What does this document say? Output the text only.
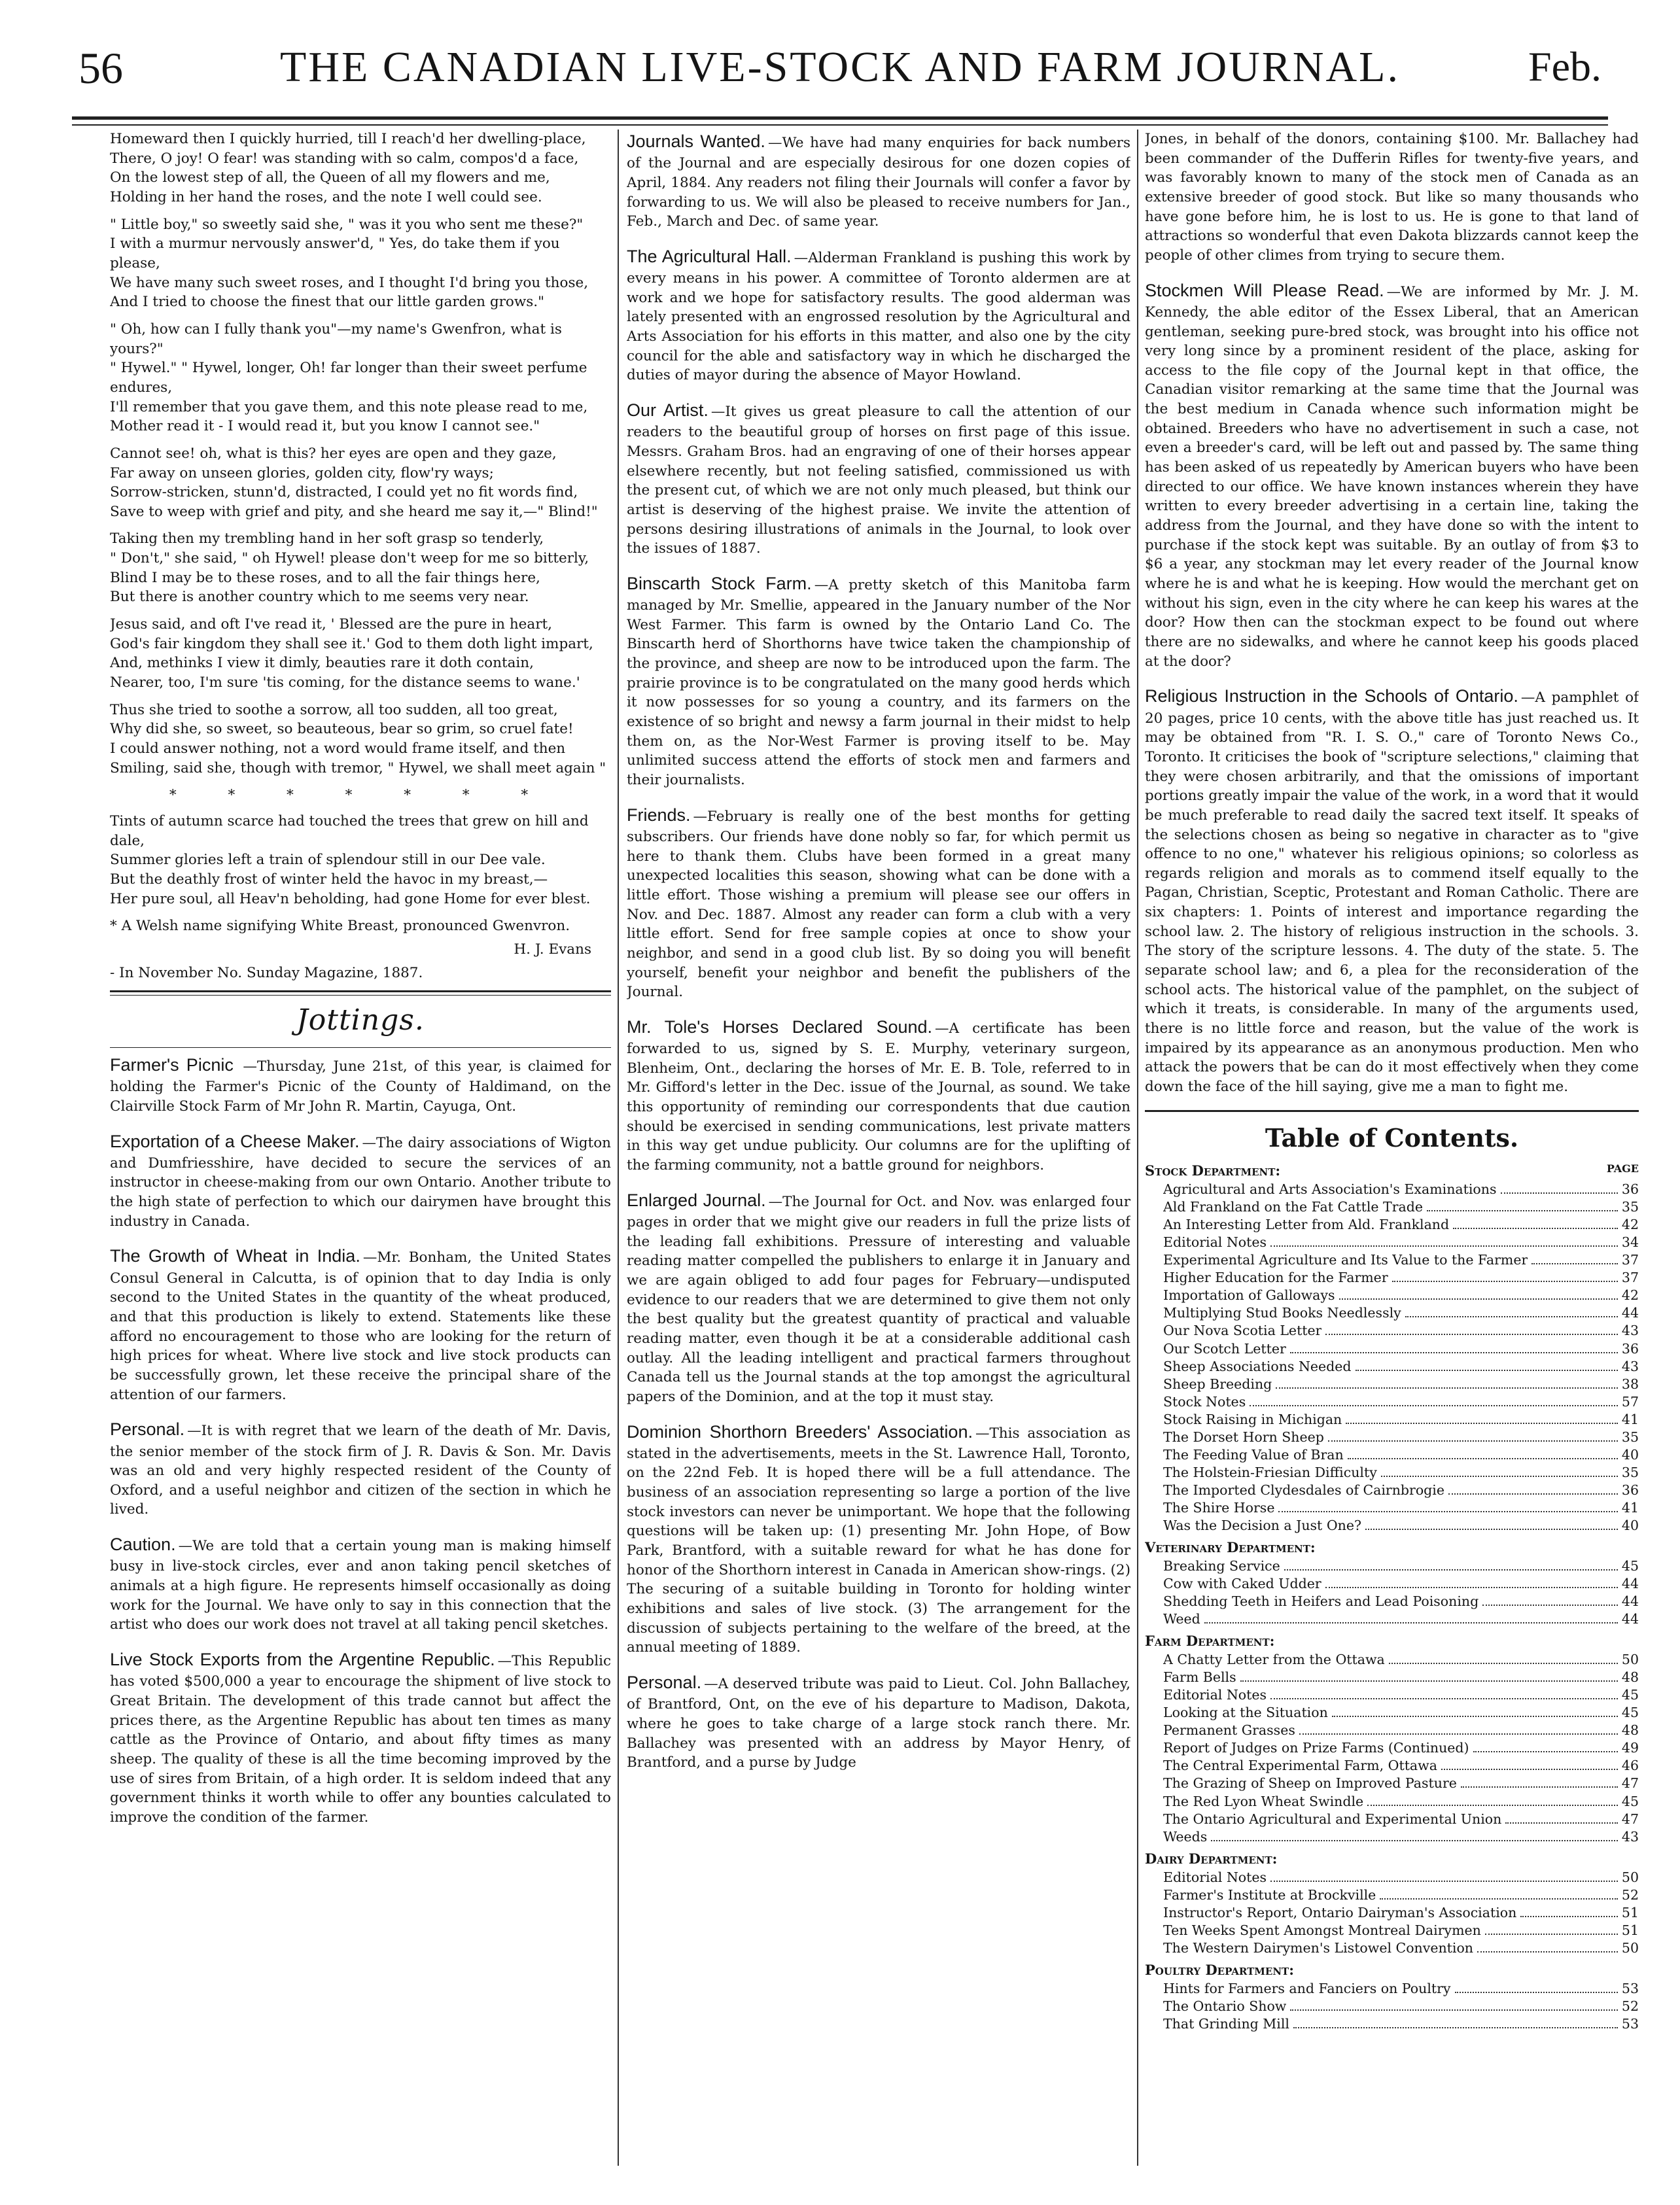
56	THE CANADIAN LIVE-STOCK AND FARM JOURNAL.	Feb.

Homeward then I quickly hurried, till I reach'd her dwelling-place,
There, O joy! O fear! was standing with so calm, compos'd a face,
On the lowest step of all, the Queen of all my flowers and me,
Holding in her hand the roses, and the note I well could see.

" Little boy," so sweetly said she, " was it you who sent me these?"
I with a murmur nervously answer'd, " Yes, do take them if you please,
We have many such sweet roses, and I thought I'd bring you those,
And I tried to choose the finest that our little garden grows."

" Oh, how can I fully thank you"—my name's Gwenfron, what is yours?"
" Hywel." " Hywel, longer, Oh! far longer than their sweet perfume endures,
I'll remember that you gave them, and this note please read to me,
Mother read it - I would read it, but you know I cannot see."

Cannot see! oh, what is this? her eyes are open and they gaze,
Far away on unseen glories, golden city, flow'ry ways;
Sorrow-stricken, stunn'd, distracted, I could yet no fit words find,
Save to weep with grief and pity, and she heard me say it,—" Blind!"

Taking then my trembling hand in her soft grasp so tenderly,
" Don't," she said, " oh Hywel! please don't weep for me so bitterly,
Blind I may be to these roses, and to all the fair things here,
But there is another country which to me seems very near.

Jesus said, and oft I've read it, ' Blessed are the pure in heart,
God's fair kingdom they shall see it.' God to them doth light impart,
And, methinks I view it dimly, beauties rare it doth contain,
Nearer, too, I'm sure 'tis coming, for the distance seems to wane.'

Thus she tried to soothe a sorrow, all too sudden, all too great,
Why did she, so sweet, so beauteous, bear so grim, so cruel fate!
I could answer nothing, not a word would frame itself, and then
Smiling, said she, though with tremor, " Hywel, we shall meet again "

* * * * * * *

Tints of autumn scarce had touched the trees that grew on hill and dale,
Summer glories left a train of splendour still in our Dee vale.
But the deathly frost of winter held the havoc in my breast,—
Her pure soul, all Heav'n beholding, had gone Home for ever blest.

* A Welsh name signifying White Breast, pronounced Gwenvron.
H. J. Evans
- In November No. Sunday Magazine, 1887.
Jottings.
Farmer's Picnic —Thursday, June 21st, of this year, is claimed for holding the Farmer's Picnic of the County of Haldimand, on the Clairville Stock Farm of Mr John R. Martin, Cayuga, Ont.
Exportation of a Cheese Maker. —The dairy associations of Wigton and Dumfriesshire, have decided to secure the services of an instructor in cheese-making from our own Ontario. Another tribute to the high state of perfection to which our dairymen have brought this industry in Canada.
The Growth of Wheat in India. —Mr. Bonham, the United States Consul General in Calcutta, is of opinion that to day India is only second to the United States in the quantity of the wheat produced, and that this production is likely to extend. Statements like these afford no encouragement to those who are looking for the return of high prices for wheat. Where live stock and live stock products can be successfully grown, let these receive the principal share of the attention of our farmers.
Personal. —It is with regret that we learn of the death of Mr. Davis, the senior member of the stock firm of J. R. Davis & Son. Mr. Davis was an old and very highly respected resident of the County of Oxford, and a useful neighbor and citizen of the section in which he lived.
Caution. —We are told that a certain young man is making himself busy in live-stock circles, ever and anon taking pencil sketches of animals at a high figure. He represents himself occasionally as doing work for the Journal. We have only to say in this connection that the artist who does our work does not travel at all taking pencil sketches.
Live Stock Exports from the Argentine Republic. —This Republic has voted $500,000 a year to encourage the shipment of live stock to Great Britain. The development of this trade cannot but affect the prices there, as the Argentine Republic has about ten times as many cattle as the Province of Ontario, and about fifty times as many sheep. The quality of these is all the time becoming improved by the use of sires from Britain, of a high order. It is seldom indeed that any government thinks it worth while to offer any bounties calculated to improve the condition of the farmer.
Journals Wanted. —We have had many enquiries for back numbers of the Journal and are especially desirous for one dozen copies of April, 1884. Any readers not filing their Journals will confer a favor by forwarding to us. We will also be pleased to receive numbers for Jan., Feb., March and Dec. of same year.
The Agricultural Hall. —Alderman Frankland is pushing this work by every means in his power. A committee of Toronto aldermen are at work and we hope for satisfactory results. The good alderman was lately presented with an engrossed resolution by the Agricultural and Arts Association for his efforts in this matter, and also one by the city council for the able and satisfactory way in which he discharged the duties of mayor during the absence of Mayor Howland.
Our Artist. —It gives us great pleasure to call the attention of our readers to the beautiful group of horses on first page of this issue. Messrs. Graham Bros. had an engraving of one of their horses appear elsewhere recently, but not feeling satisfied, commissioned us with the present cut, of which we are not only much pleased, but think our artist is deserving of the highest praise. We invite the attention of persons desiring illustrations of animals in the Journal, to look over the issues of 1887.
Binscarth Stock Farm. —A pretty sketch of this Manitoba farm managed by Mr. Smellie, appeared in the January number of the Nor West Farmer. This farm is owned by the Ontario Land Co. The Binscarth herd of Shorthorns have twice taken the championship of the province, and sheep are now to be introduced upon the farm. The prairie province is to be congratulated on the many good herds which it now possesses for so young a country, and its farmers on the existence of so bright and newsy a farm journal in their midst to help them on, as the Nor-West Farmer is proving itself to be. May unlimited success attend the efforts of stock men and farmers and their journalists.
Friends. —February is really one of the best months for getting subscribers. Our friends have done nobly so far, for which permit us here to thank them. Clubs have been formed in a great many unexpected localities this season, showing what can be done with a little effort. Those wishing a premium will please see our offers in Nov. and Dec. 1887. Almost any reader can form a club with a very little effort. Send for free sample copies at once to show your neighbor, and send in a good club list. By so doing you will benefit yourself, benefit your neighbor and benefit the publishers of the Journal.
Mr. Tole's Horses Declared Sound. —A certificate has been forwarded to us, signed by S. E. Murphy, veterinary surgeon, Blenheim, Ont., declaring the horses of Mr. E. B. Tole, referred to in Mr. Gifford's letter in the Dec. issue of the Journal, as sound. We take this opportunity of reminding our correspondents that due caution should be exercised in sending communications, lest private matters in this way get undue publicity. Our columns are for the uplifting of the farming community, not a battle ground for neighbors.
Enlarged Journal. —The Journal for Oct. and Nov. was enlarged four pages in order that we might give our readers in full the prize lists of the leading fall exhibitions. Pressure of interesting and valuable reading matter compelled the publishers to enlarge it in January and we are again obliged to add four pages for February—undisputed evidence to our readers that we are determined to give them not only the best quality but the greatest quantity of practical and valuable reading matter, even though it be at a considerable additional cash outlay. All the leading intelligent and practical farmers throughout Canada tell us the Journal stands at the top amongst the agricultural papers of the Dominion, and at the top it must stay.
Dominion Shorthorn Breeders' Association. —This association as stated in the advertisements, meets in the St. Lawrence Hall, Toronto, on the 22nd Feb. It is hoped there will be a full attendance. The business of an association representing so large a portion of the live stock investors can never be unimportant. We hope that the following questions will be taken up: (1) presenting Mr. John Hope, of Bow Park, Brantford, with a suitable reward for what he has done for honor of the Shorthorn interest in Canada in American show-rings. (2) The securing of a suitable building in Toronto for holding winter exhibitions and sales of live stock. (3) The arrangement for the discussion of subjects pertaining to the welfare of the breed, at the annual meeting of 1889.
Personal. —A deserved tribute was paid to Lieut. Col. John Ballachey, of Brantford, Ont, on the eve of his departure to Madison, Dakota, where he goes to take charge of a large stock ranch there. Mr. Ballachey was presented with an address by Mayor Henry, of Brantford, and a purse by Judge
Jones, in behalf of the donors, containing $100. Mr. Ballachey had been commander of the Dufferin Rifles for twenty-five years, and was favorably known to many of the stock men of Canada as an extensive breeder of good stock. But like so many thousands who have gone before him, he is lost to us. He is gone to that land of attractions so wonderful that even Dakota blizzards cannot keep the people of other climes from trying to secure them.
Stockmen Will Please Read. —We are informed by Mr. J. M. Kennedy, the able editor of the Essex Liberal, that an American gentleman, seeking pure-bred stock, was brought into his office not very long since by a prominent resident of the place, asking for access to the file copy of the Journal kept in that office, the Canadian visitor remarking at the same time that the Journal was the best medium in Canada whence such information might be obtained. Breeders who have no advertisement in such a case, not even a breeder's card, will be left out and passed by. The same thing has been asked of us repeatedly by American buyers who have been directed to our office. We have known instances wherein they have written to every breeder advertising in a certain line, taking the address from the Journal, and they have done so with the intent to purchase if the stock kept was suitable. By an outlay of from $3 to $6 a year, any stockman may let every reader of the Journal know where he is and what he is keeping. How would the merchant get on without his sign, even in the city where he can keep his wares at the door? How then can the stockman expect to be found out where there are no sidewalks, and where he cannot keep his goods placed at the door?
Religious Instruction in the Schools of Ontario. —A pamphlet of 20 pages, price 10 cents, with the above title has just reached us. It may be obtained from "R. I. S. O.," care of Toronto News Co., Toronto. It criticises the book of "scripture selections," claiming that they were chosen arbitrarily, and that the omissions of important portions greatly impair the value of the work, in a word that it would be much preferable to read daily the sacred text itself. It speaks of the selections chosen as being so negative in character as to "give offence to no one," whatever his religious opinions; so colorless as regards religion and morals as to commend itself equally to the Pagan, Christian, Sceptic, Protestant and Roman Catholic. There are six chapters: 1. Points of interest and importance regarding the school law. 2. The history of religious instruction in the schools. 3. The story of the scripture lessons. 4. The duty of the state. 5. The separate school law; and 6, a plea for the reconsideration of the school acts. The historical value of the pamphlet, on the subject of which it treats, is considerable. In many of the arguments used, there is no little force and reason, but the value of the work is impaired by its appearance as an anonymous production. Men who attack the powers that be can do it most effectively when they come down the face of the hill saying, give me a man to fight me.
Table of Contents.
Stock Department:	PAGE
Agricultural and Arts Association's Examinations	36
Ald Frankland on the Fat Cattle Trade	35
An Interesting Letter from Ald. Frankland	42
Editorial Notes	34
Experimental Agriculture and Its Value to the Farmer	37
Higher Education for the Farmer	37
Importation of Galloways	42
Multiplying Stud Books Needlessly	44
Our Nova Scotia Letter	43
Our Scotch Letter	36
Sheep Associations Needed	43
Sheep Breeding	38
Stock Notes	57
Stock Raising in Michigan	41
The Dorset Horn Sheep	35
The Feeding Value of Bran	40
The Holstein-Friesian Difficulty	35
The Imported Clydesdales of Cairnbrogie	36
The Shire Horse	41
Was the Decision a Just One?	40
Veterinary Department:
Breaking Service	45
Cow with Caked Udder	44
Shedding Teeth in Heifers and Lead Poisoning	44
Weed	44
Farm Department:
A Chatty Letter from the Ottawa	50
Farm Bells	48
Editorial Notes	45
Looking at the Situation	45
Permanent Grasses	48
Report of Judges on Prize Farms (Continued)	49
The Central Experimental Farm, Ottawa	46
The Grazing of Sheep on Improved Pasture	47
The Red Lyon Wheat Swindle	45
The Ontario Agricultural and Experimental Union	47
Weeds	43
Dairy Department:
Editorial Notes	50
Farmer's Institute at Brockville	52
Instructor's Report, Ontario Dairyman's Association	51
Ten Weeks Spent Amongst Montreal Dairymen	51
The Western Dairymen's Listowel Convention	50
Poultry Department:
Hints for Farmers and Fanciers on Poultry	53
The Ontario Show	52
That Grinding Mill	53
